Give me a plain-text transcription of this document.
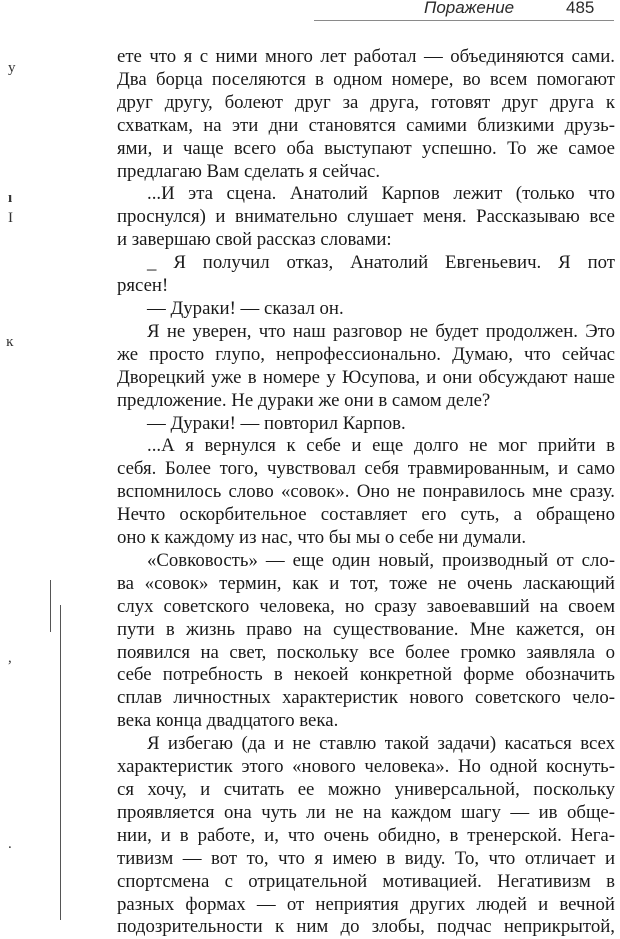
Поражение	485
y
ı
I
ĸ
,
.

ете что я с ними много лет работал — объединяются сами.

Два борца поселяются в одном номере, во всем помогают

друг другу, болеют друг за друга, готовят друг друга к

схваткам, на эти дни становятся самими близкими друзь-

ями, и чаще всего оба выступают успешно. То же самое

предлагаю Вам сделать я сейчас.

...И эта сцена. Анатолий Карпов лежит (только что

проснулся) и внимательно слушает меня. Рассказываю все

и завершаю свой рассказ словами:

_ Я получил отказ, Анатолий Евгеньевич. Я пот

рясен!

— Дураки! — сказал он.

Я не уверен, что наш разговор не будет продолжен. Это

же просто глупо, непрофессионально. Думаю, что сейчас

Дворецкий уже в номере у Юсупова, и они обсуждают наше

предложение. Не дураки же они в самом деле?

— Дураки! — повторил Карпов.

...А я вернулся к себе и еще долго не мог прийти в

себя. Более того, чувствовал себя травмированным, и само

вспомнилось слово «совок». Оно не понравилось мне сразу.

Нечто оскорбительное составляет его суть, а обращено

оно к каждому из нас, что бы мы о себе ни думали.

«Совковость» — еще один новый, производный от сло-

ва «совок» термин, как и тот, тоже не очень ласкающий

слух советского человека, но сразу завоевавший на своем

пути в жизнь право на существование. Мне кажется, он

появился на свет, поскольку все более громко заявляла о

себе потребность в некоей конкретной форме обозначить

сплав личностных характеристик нового советского чело-

века конца двадцатого века.

Я избегаю (да и не ставлю такой задачи) касаться всех

характеристик этого «нового человека». Но одной коснуть-

ся хочу, и считать ее можно универсальной, поскольку

проявляется она чуть ли не на каждом шагу — ив обще-

нии, и в работе, и, что очень обидно, в тренерской. Нега-

тивизм — вот то, что я имею в виду. То, что отличает и

спортсмена с отрицательной мотивацией. Негативизм в

разных формах — от неприятия других людей и вечной

подозрительности к ним до злобы, подчас неприкрытой,
